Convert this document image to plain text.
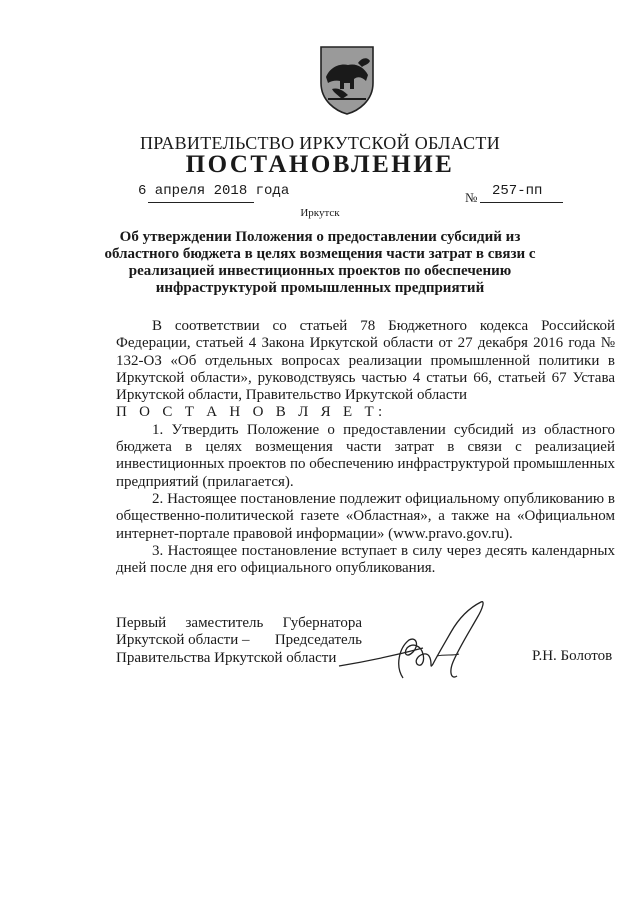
ПРАВИТЕЛЬСТВО ИРКУТСКОЙ ОБЛАСТИ
ПОСТАНОВЛЕНИЕ
6 апреля 2018 года	№ 257-пп
Иркутск
Об утверждении Положения о предоставлении субсидий из областного бюджета в целях возмещения части затрат в связи с реализацией инвестиционных проектов по обеспечению инфраструктурой промышленных предприятий

В соответствии со статьей 78 Бюджетного кодекса Российской Федерации, статьей 4 Закона Иркутской области от 27 декабря 2016 года № 132-ОЗ «Об отдельных вопросах реализации промышленной политики в Иркутской области», руководствуясь частью 4 статьи 66, статьей 67 Устава Иркутской области, Правительство Иркутской области

П О С Т А Н О В Л Я Е Т:

1. Утвердить Положение о предоставлении субсидий из областного бюджета в целях возмещения части затрат в связи с реализацией инвестиционных проектов по обеспечению инфраструктурой промышленных предприятий (прилагается).

2. Настоящее постановление подлежит официальному опубликованию в общественно-политической газете «Областная», а также на «Официальном интернет-портале правовой информации» (www.pravo.gov.ru).

3. Настоящее постановление вступает в силу через десять календарных дней после дня его официального опубликования.

Первый заместитель Губернатора
Иркутской области – Председатель
Правительства Иркутской области	Р.Н. Болотов
